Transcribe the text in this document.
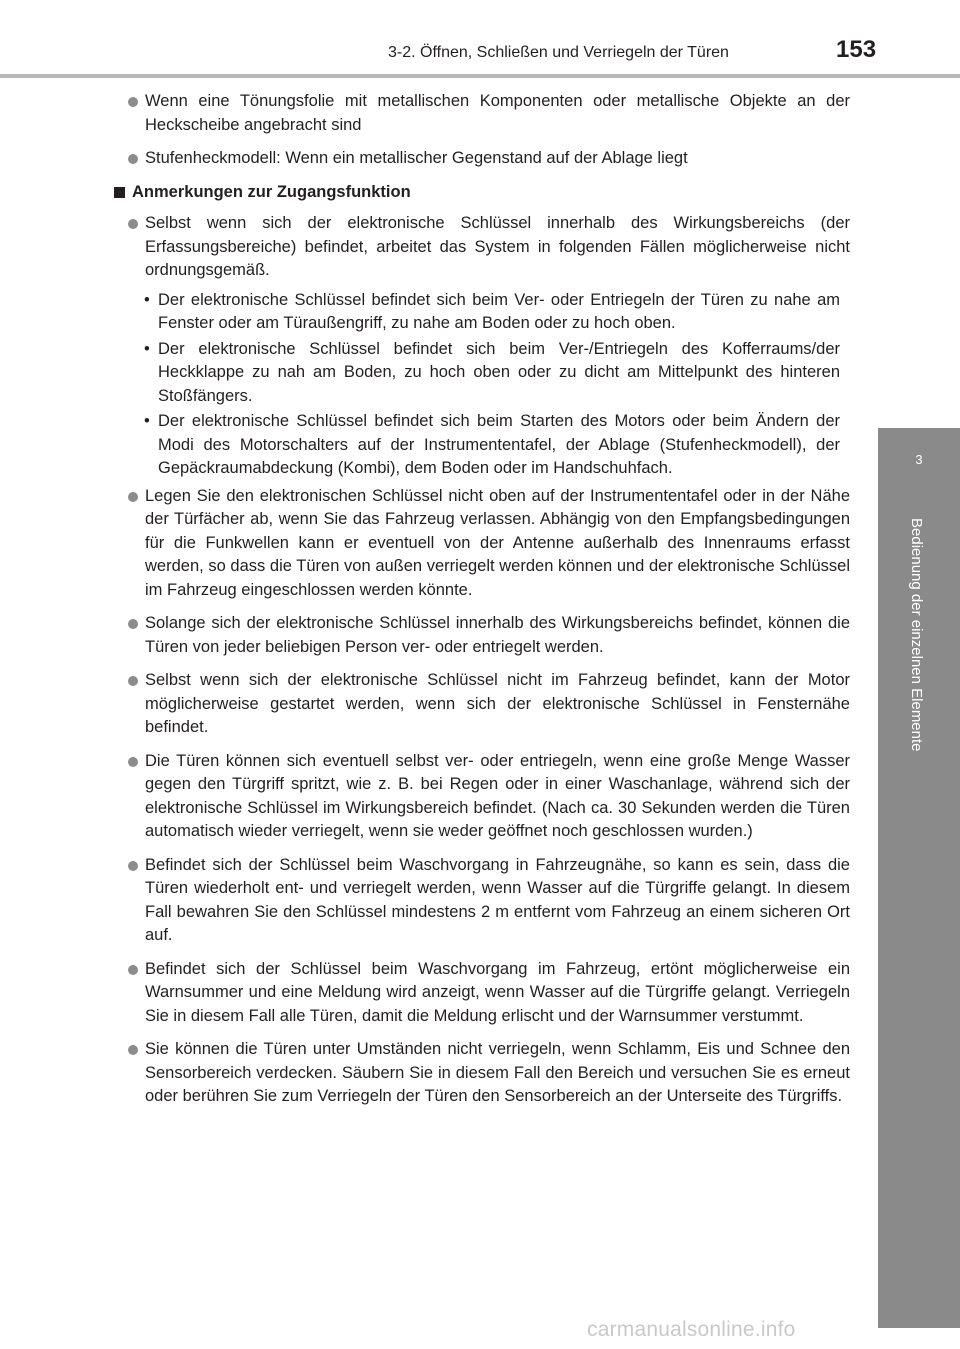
3-2. Öffnen, Schließen und Verriegeln der Türen	153
3
Bedienung der einzelnen Elemente
Wenn eine Tönungsfolie mit metallischen Komponenten oder metallische Objekte an der Heckscheibe angebracht sind
Stufenheckmodell: Wenn ein metallischer Gegenstand auf der Ablage liegt
Anmerkungen zur Zugangsfunktion
Selbst wenn sich der elektronische Schlüssel innerhalb des Wirkungsbereichs (der Erfassungsbereiche) befindet, arbeitet das System in folgenden Fällen möglicherweise nicht ordnungsgemäß.
• Der elektronische Schlüssel befindet sich beim Ver- oder Entriegeln der Türen zu nahe am Fenster oder am Türaußengriff, zu nahe am Boden oder zu hoch oben.
• Der elektronische Schlüssel befindet sich beim Ver-/Entriegeln des Kofferraums/der Heckklappe zu nah am Boden, zu hoch oben oder zu dicht am Mittelpunkt des hinteren Stoßfängers.
• Der elektronische Schlüssel befindet sich beim Starten des Motors oder beim Ändern der Modi des Motorschalters auf der Instrumententafel, der Ablage (Stufenheckmodell), der Gepäckraumabdeckung (Kombi), dem Boden oder im Handschuhfach.
Legen Sie den elektronischen Schlüssel nicht oben auf der Instrumententafel oder in der Nähe der Türfächer ab, wenn Sie das Fahrzeug verlassen. Abhängig von den Empfangsbedingungen für die Funkwellen kann er eventuell von der Antenne außerhalb des Innenraums erfasst werden, so dass die Türen von außen verriegelt werden können und der elektronische Schlüssel im Fahrzeug eingeschlossen werden könnte.
Solange sich der elektronische Schlüssel innerhalb des Wirkungsbereichs befindet, können die Türen von jeder beliebigen Person ver- oder entriegelt werden.
Selbst wenn sich der elektronische Schlüssel nicht im Fahrzeug befindet, kann der Motor möglicherweise gestartet werden, wenn sich der elektronische Schlüssel in Fensternähe befindet.
Die Türen können sich eventuell selbst ver- oder entriegeln, wenn eine große Menge Wasser gegen den Türgriff spritzt, wie z. B. bei Regen oder in einer Waschanlage, während sich der elektronische Schlüssel im Wirkungsbereich befindet. (Nach ca. 30 Sekunden werden die Türen automatisch wieder verriegelt, wenn sie weder geöffnet noch geschlossen wurden.)
Befindet sich der Schlüssel beim Waschvorgang in Fahrzeugnähe, so kann es sein, dass die Türen wiederholt ent- und verriegelt werden, wenn Wasser auf die Türgriffe gelangt. In diesem Fall bewahren Sie den Schlüssel mindestens 2 m entfernt vom Fahrzeug an einem sicheren Ort auf.
Befindet sich der Schlüssel beim Waschvorgang im Fahrzeug, ertönt möglicherweise ein Warnsummer und eine Meldung wird anzeigt, wenn Wasser auf die Türgriffe gelangt. Verriegeln Sie in diesem Fall alle Türen, damit die Meldung erlischt und der Warnsummer verstummt.
Sie können die Türen unter Umständen nicht verriegeln, wenn Schlamm, Eis und Schnee den Sensorbereich verdecken. Säubern Sie in diesem Fall den Bereich und versuchen Sie es erneut oder berühren Sie zum Verriegeln der Türen den Sensorbereich an der Unterseite des Türgriffs.
carmanualsonline.info
